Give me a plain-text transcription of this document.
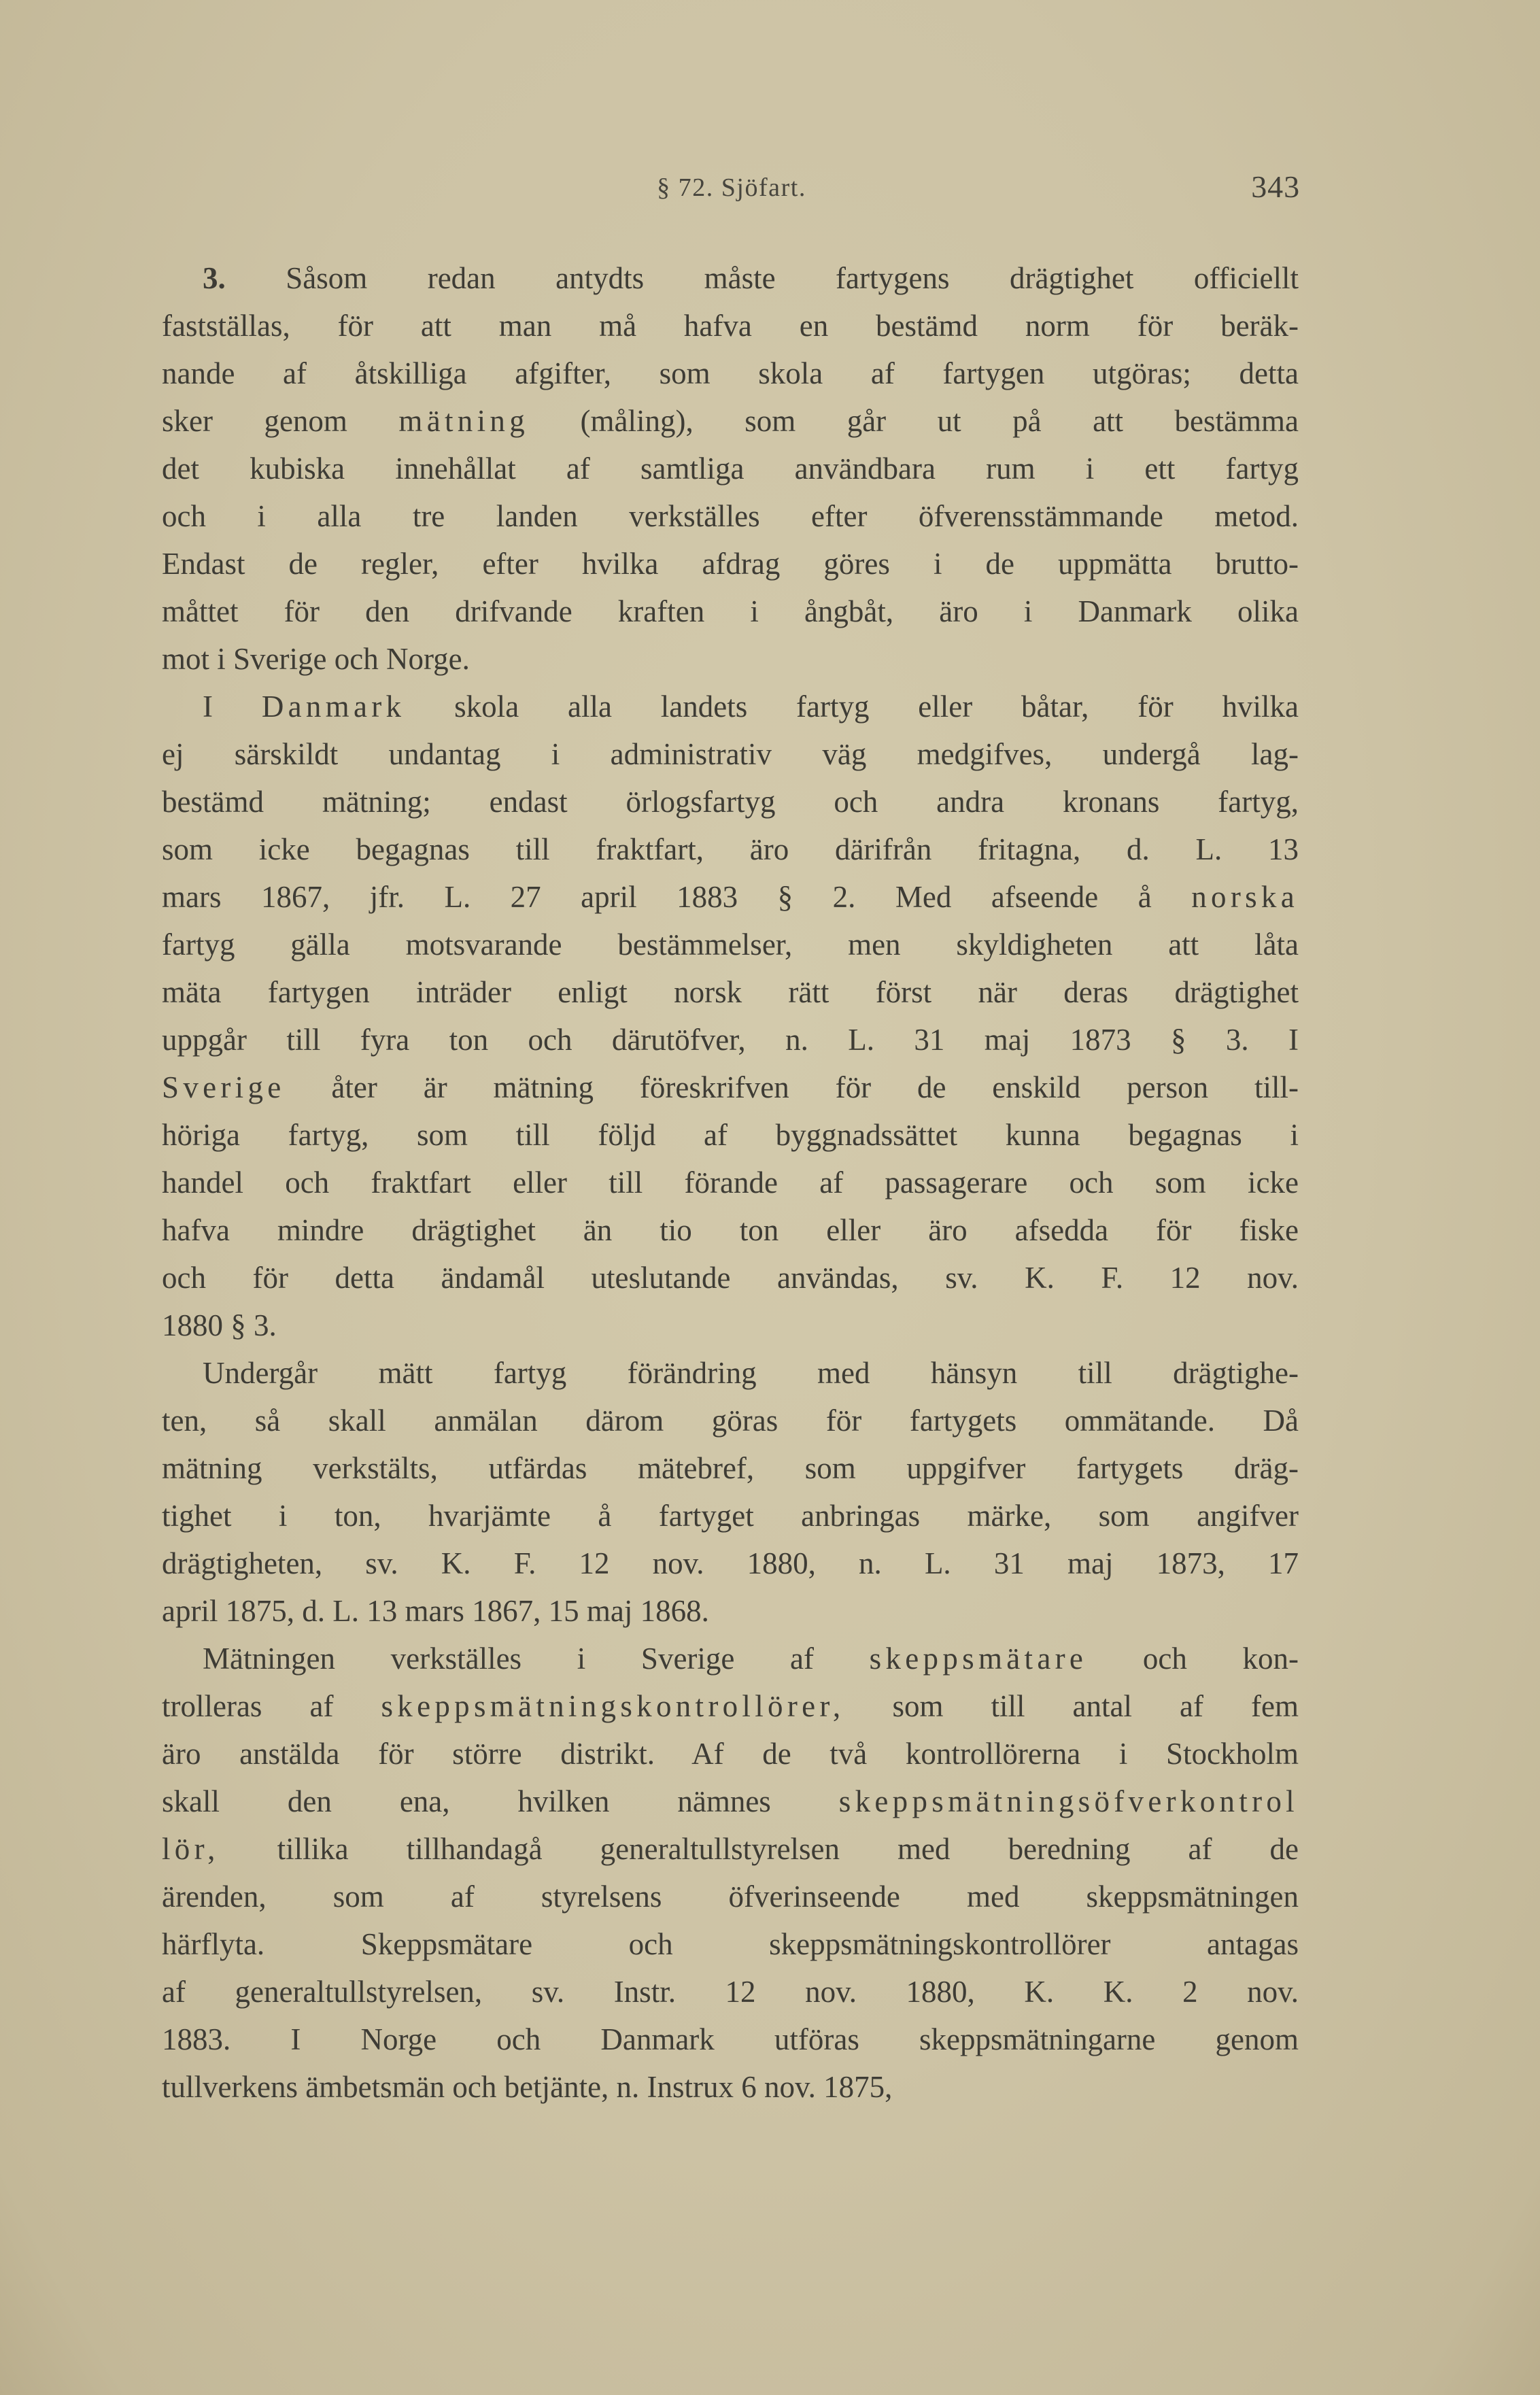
§ 72. Sjöfart.	343
3. Såsom redan antydts måste fartygens drägtighet officiellt
fastställas, för att man må hafva en bestämd norm för beräk-
nande af åtskilliga afgifter, som skola af fartygen utgöras; detta
sker genom mätning (måling), som går ut på att bestämma
det kubiska innehållat af samtliga användbara rum i ett fartyg
och i alla tre landen verkställes efter öfverensstämmande metod.
Endast de regler, efter hvilka afdrag göres i de uppmätta brutto-
måttet för den drifvande kraften i ångbåt, äro i Danmark olika
mot i Sverige och Norge.
I Danmark skola alla landets fartyg eller båtar, för hvilka
ej särskildt undantag i administrativ väg medgifves, undergå lag-
bestämd mätning; endast örlogsfartyg och andra kronans fartyg,
som icke begagnas till fraktfart, äro därifrån fritagna, d. L. 13
mars 1867, jfr. L. 27 april 1883 § 2. Med afseende å norska
fartyg gälla motsvarande bestämmelser, men skyldigheten att låta
mäta fartygen inträder enligt norsk rätt först när deras drägtighet
uppgår till fyra ton och därutöfver, n. L. 31 maj 1873 § 3. I
Sverige åter är mätning föreskrifven för de enskild person till-
höriga fartyg, som till följd af byggnadssättet kunna begagnas i
handel och fraktfart eller till förande af passagerare och som icke
hafva mindre drägtighet än tio ton eller äro afsedda för fiske
och för detta ändamål uteslutande användas, sv. K. F. 12 nov.
1880 § 3.
Undergår mätt fartyg förändring med hänsyn till drägtighe-
ten, så skall anmälan därom göras för fartygets ommätande. Då
mätning verkstälts, utfärdas mätebref, som uppgifver fartygets dräg-
tighet i ton, hvarjämte å fartyget anbringas märke, som angifver
drägtigheten, sv. K. F. 12 nov. 1880, n. L. 31 maj 1873, 17
april 1875, d. L. 13 mars 1867, 15 maj 1868.
Mätningen verkställes i Sverige af skeppsmätare och kon-
trolleras af skeppsmätningskontrollörer, som till antal af fem
äro anstälda för större distrikt. Af de två kontrollörerna i Stockholm
skall den ena, hvilken nämnes skeppsmätningsöfverkontrol
lör, tillika tillhandagå generaltullstyrelsen med beredning af de
ärenden, som af styrelsens öfverinseende med skeppsmätningen
härflyta. Skeppsmätare och skeppsmätningskontrollörer antagas
af generaltullstyrelsen, sv. Instr. 12 nov. 1880, K. K. 2 nov.
1883. I Norge och Danmark utföras skeppsmätningarne genom
tullverkens ämbetsmän och betjänte, n. Instrux 6 nov. 1875,
